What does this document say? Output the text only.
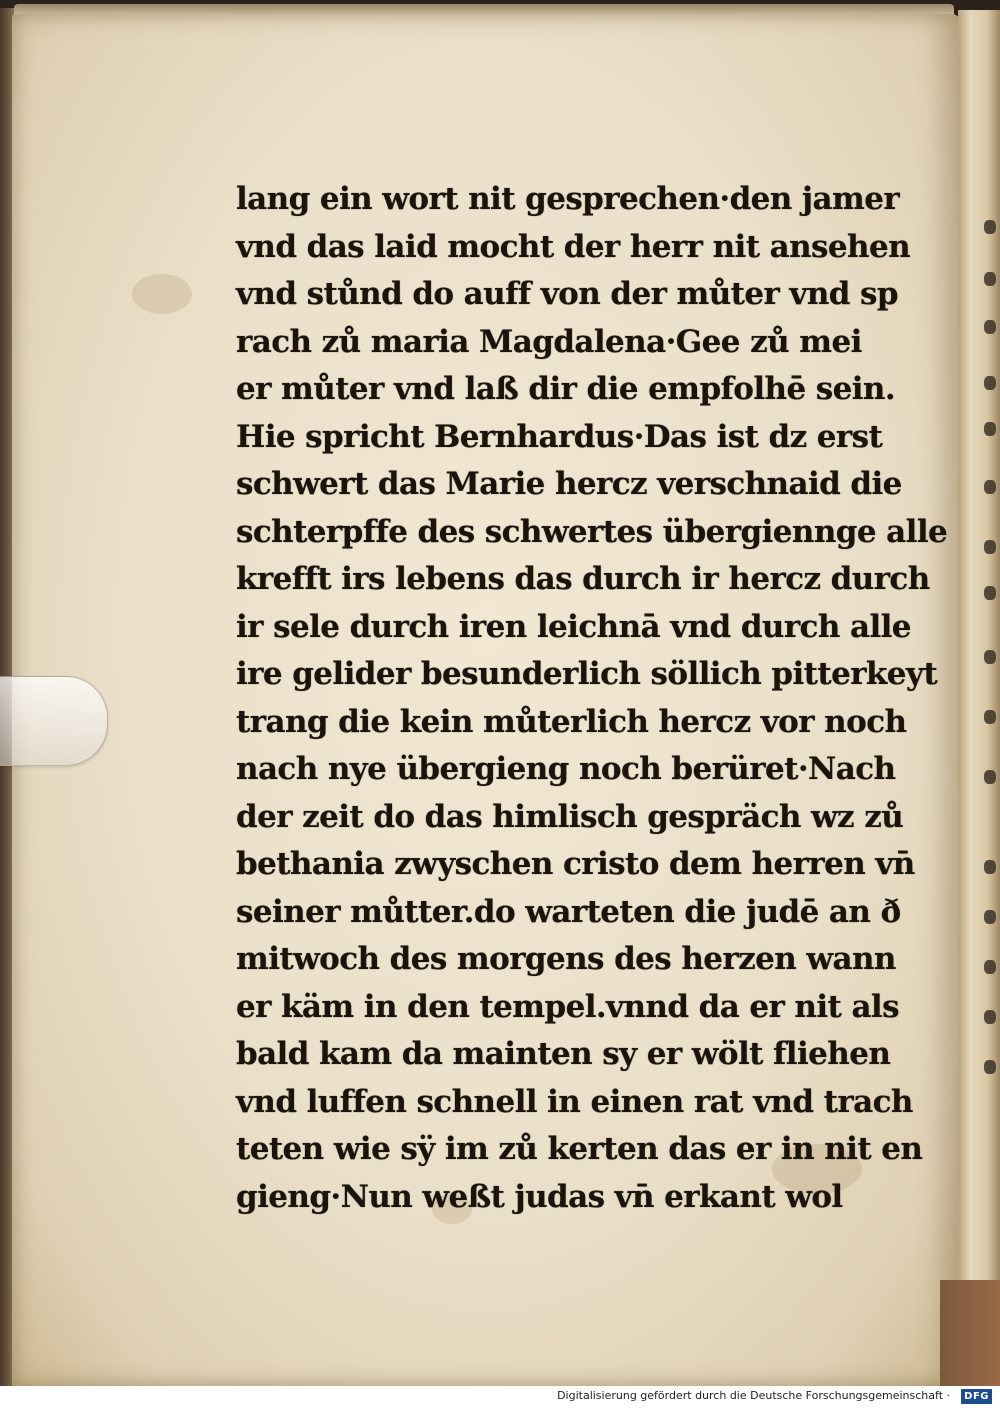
lang ein wort nit gesprechen·den jamer
vnd das laid mocht der herr nit ansehen
vnd stůnd do auff von der můter vnd sp
rach zů maria Magdalena·Gee zů mei
er můter vnd laß dir die empfolhē sein.
Hie spricht Bernhardus·Das ist dz erst
schwert das Marie hercz verschnaid die
schterpffe des schwertes übergiennge alle
krefft irs lebens das durch ir hercz durch
ir sele durch iren leichnā vnd durch alle
ire gelider besunderlich söllich pitterkeyt
trang die kein můterlich hercz vor noch
nach nye übergieng noch berüret·Nach
der zeit do das himlisch gespräch wz zů
bethania zwyschen cristo dem herren vn̄
seiner můtter.do warteten die judē an ð
mitwoch des morgens des herzen wann
er käm in den tempel.vnnd da er nit als
bald kam da mainten sy er wölt fliehen
vnd luffen schnell in einen rat vnd trach
teten wie sÿ im zů kerten das er in nit en
gieng·Nun weßt judas vn̄ erkant wol
Digitalisierung gefördert durch die Deutsche Forschungsgemeinschaft ·	DFG
